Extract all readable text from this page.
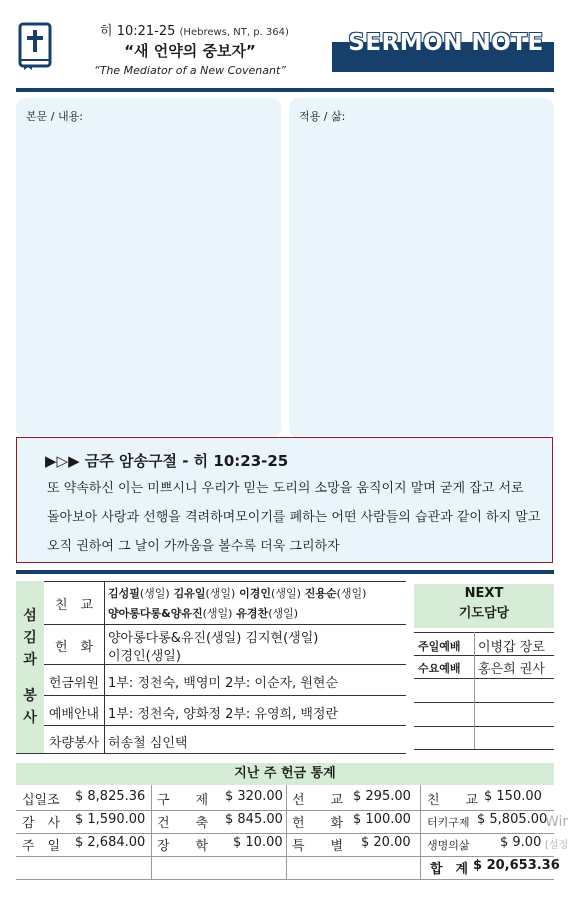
히 10:21-25 (Hebrews, NT, p. 364)
“새 언약의 중보자”
“The Mediator of a New Covenant”
SERMON NOTE
본문 / 내용:	적용 / 삶:
▶▷▶ 금주 암송구절 - 히 10:23-25
또 약속하신 이는 미쁘시니 우리가 믿는 도리의 소망을 움직이지 말며 굳게 잡고 서로
돌아보아 사랑과 선행을 격려하며모이기를 폐하는 어떤 사람들의 습관과 같이 하지 말고
오직 권하여 그 날이 가까움을 볼수록 더욱 그리하자
섬
김
과
봉
사
친　교
김성필(생일) 김유일(생일) 이경인(생일) 진용순(생일)
양아롱다롱&양유진(생일) 유경찬(생일)
헌　화
양아롱다롱&유진(생일) 김지현(생일)
이경인(생일)
헌금위원 1부: 정천숙, 백영미 2부: 이순자, 원현순
예배안내 1부: 정천숙, 양화정 2부: 유영희, 백정란
차량봉사 허송철 심인택
NEXT
기도담당
주일예배 이병갑 장로
수요예배 홍은희 권사
지난 주 헌금 통계
십일조 $ 8,825.36 구　　제 $ 320.00 선　　교 $ 295.00 친　　교 $ 150.00
감　사 $ 1,590.00 건　　축 $ 845.00 헌　　화 $ 100.00 터키구제 $ 5,805.00
주　일 $ 2,684.00 장　　학 $ 10.00 특　　별 $ 20.00 생명의삶 $ 9.00
합　계 $ 20,653.36
Wir
[설정
